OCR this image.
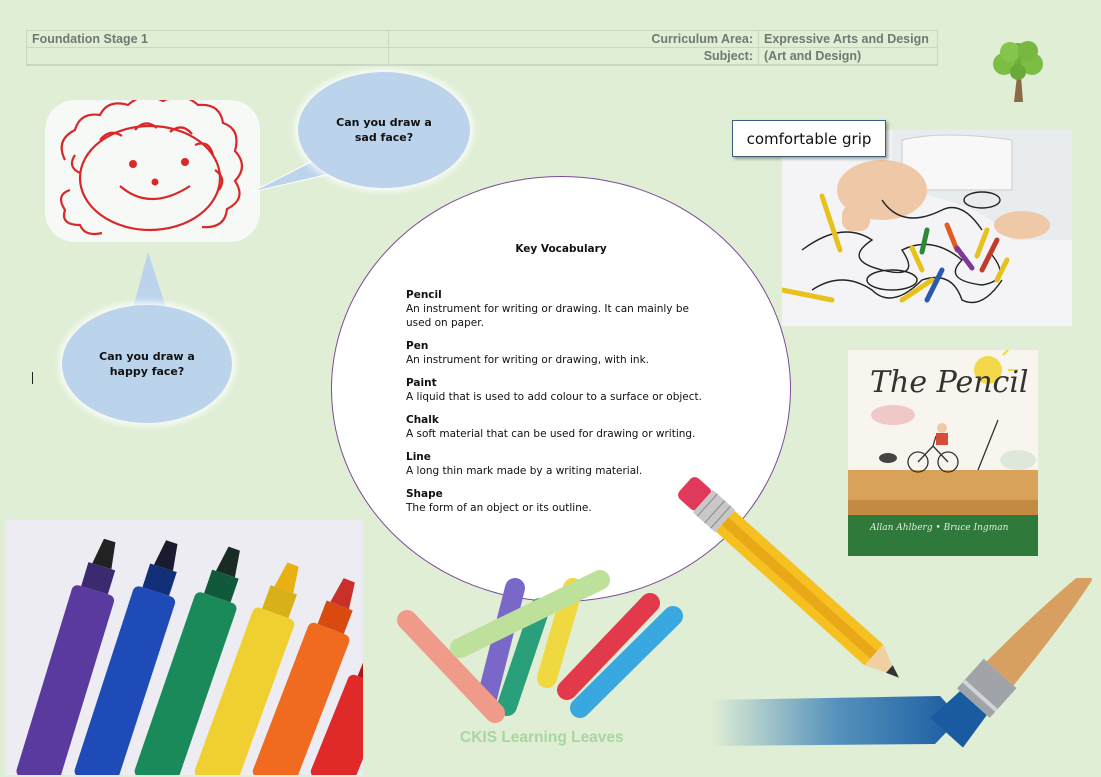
Foundation Stage 1	Curriculum Area:
Subject:
Expressive Arts and Design
(Art and Design)
Can you draw a sad face?
Can you draw a happy face?
comfortable grip
The Pencil
Allan Ahlberg • Bruce Ingman
Key Vocabulary
Pencil
An instrument for writing or drawing. It can mainly be used on paper.
Pen
An instrument for writing or drawing, with ink.
Paint
A liquid that is used to add colour to a surface or object.
Chalk
A soft material that can be used for drawing or writing.
Line
A long thin mark made by a writing material.
Shape
The form of an object or its outline.
CKIS Learning Leaves
